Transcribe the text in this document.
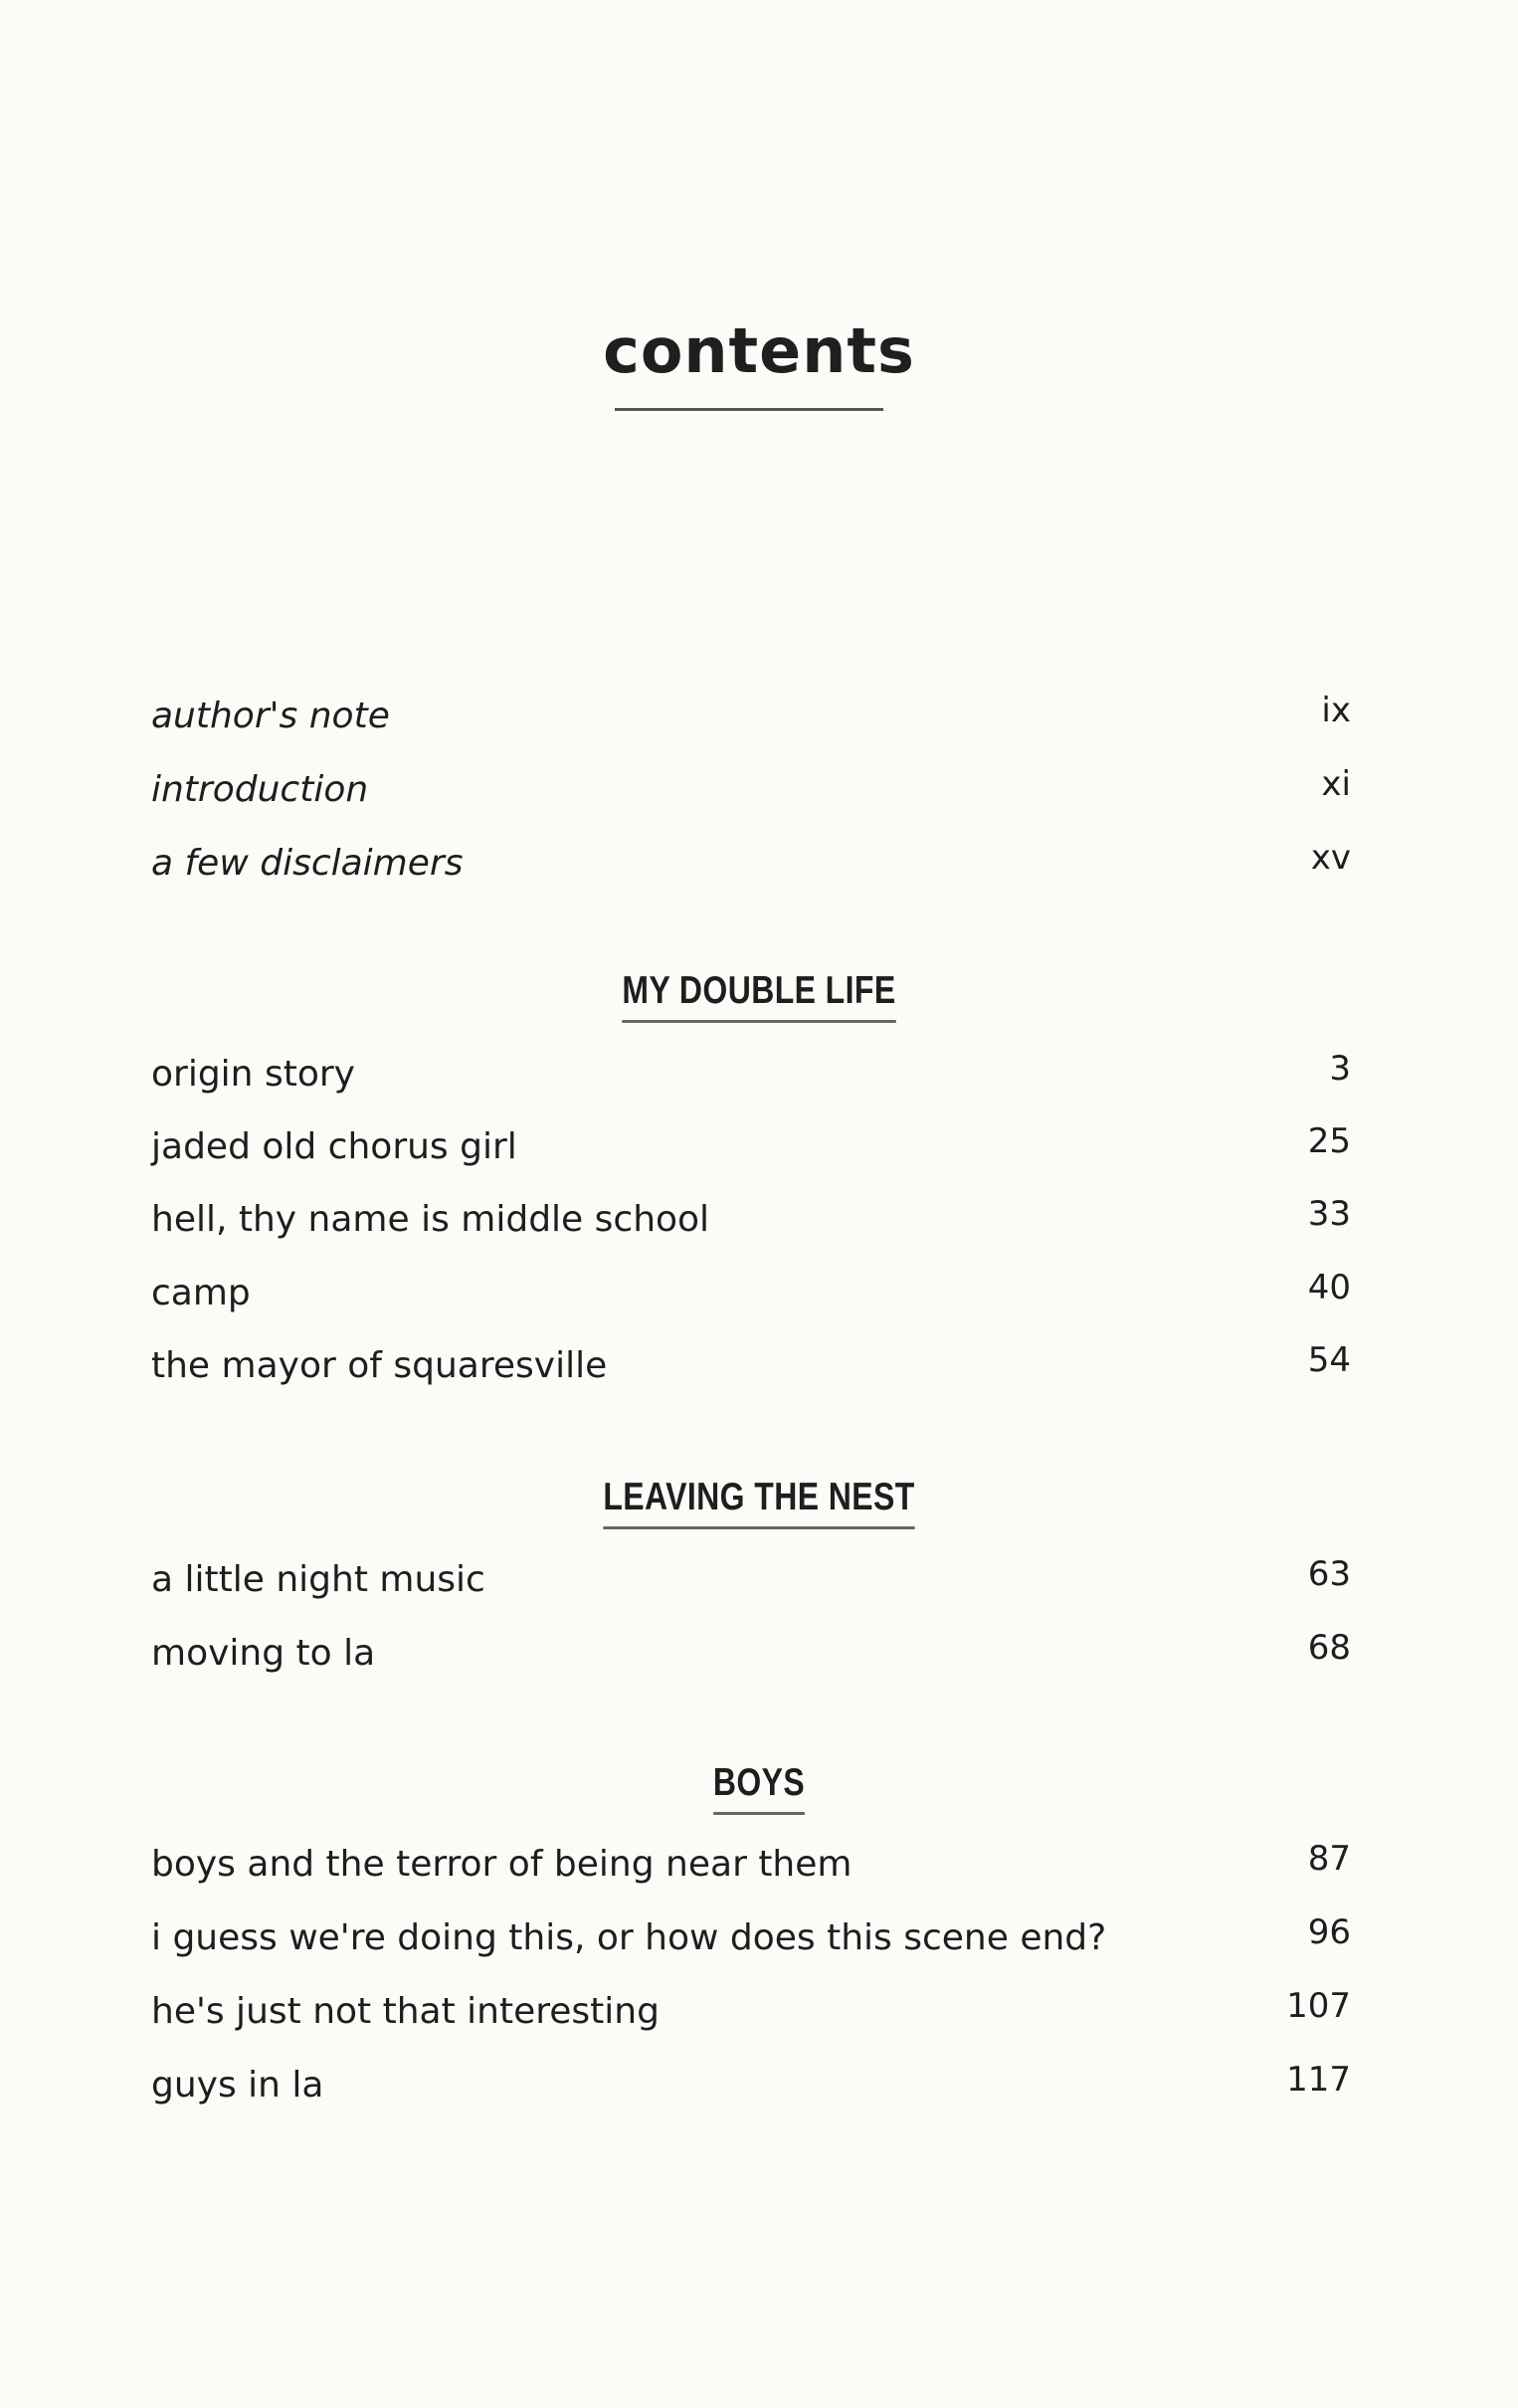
contents
author's note	ix
introduction	xi
a few disclaimers	xv
MY DOUBLE LIFE
origin story	3
jaded old chorus girl	25
hell, thy name is middle school	33
camp	40
the mayor of squaresville	54
LEAVING THE NEST
a little night music	63
moving to la	68
BOYS
boys and the terror of being near them	87
i guess we're doing this, or how does this scene end?	96
he's just not that interesting	107
guys in la	117
